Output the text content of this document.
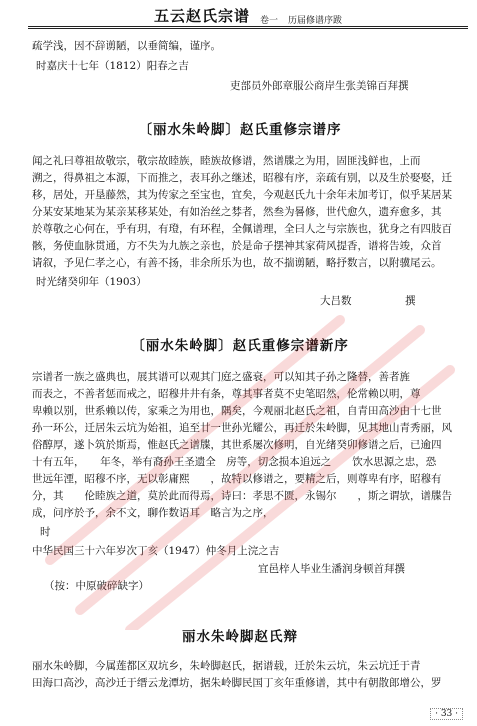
五云赵氏宗谱 卷一 历届修谱序跋
疏学浅，因不辞谫陋，以垂简编，谨序。
时嘉庆十七年（1812）阳春之吉
吏部员外郎章服公商岸生张美锦百拜撰
〔丽水朱岭脚〕赵氏重修宗谱序
闻之礼曰尊祖故敬宗，敬宗故睦族，睦族故修谱，然谱牒之为用，固匪浅鲜也，上而
溯之，得鼻祖之本源，下而推之，表耳孙之继述，昭穆有序，亲疏有别，以及生於娶娶，迁
移，居处，开垦藤然，其为传家之至宝也，宜矣，今观赵氏九十余年未加考订，似乎某居某
分某安某地某为某亲某移某处，有如治丝之棼者，然叁为晷修，世代愈久，遗弃愈多，其
於尊敬之心何在，乎有玥，有璒，有环程，全佩谱理，全曰人之与宗族也，犹身之有四肢百
骸，务使血脉贯通，方不失为九族之亲也，於是命子摆神其家荷风提香，谱将告竣，众首
请叙，予见仁孝之心，有善不扬，非余所乐为也，故不揣谫陋，略抒数言，以附骥尾云。
时光绪癸卯年（1903）
大吕数	撰
〔丽水朱岭脚〕赵氏重修宗谱新序
宗谱者一族之盛典也，展其谱可以观其门庭之盛衰，可以知其子孙之隆替，善者旌
而表之，不善者惩而戒之，昭穆井井有条，尊其事者莫不史笔昭然，伦常赖以明，尊
卑赖以别，世系赖以传，家乘之为用也，隅矣，今观丽北赵氏之祖，自青田高沙由十七世
孙一环公，迁居朱云坑为始祖，追至廿一世孙光耀公，再迁於朱岭脚，见其地山青秀丽，风
俗醇厚，遂卜筑於斯焉，惟赵氏之谱牒，其世系屡次修明，自光绪癸卯修谱之后，已逾四
十有五年，　　年冬，举有裔孙王圣遗全　房等，切念损本追远之　　饮水思源之忠，恐
世远年湮，昭穆不序，无以彰庸熙　　，故特以修谱之，要精之后，则尊卑有序，昭穆有
分，其　　伦睦族之道，莫於此而得焉，诗曰：孝思不匮，永锡尔　　，斯之谓欤，谱牒告
成，问序於予，余不文，聊作数语耳　略言为之序，
时
中华民国三十六年岁次丁亥（1947）仲冬月上浣之吉
宜邑梓人毕业生潘润身顿首拜撰
（按：中原破碎缺字）
丽水朱岭脚赵氏辩
丽水朱岭脚，今属莲都区双坑乡，朱岭脚赵氏，据谱载，迁於朱云坑，朱云坑迁于青
田海口高沙，高沙迁于缙云龙潭坊，据朱岭脚民国丁亥年重修谱，其中有朝散郎增公，罗
· 33 ·
